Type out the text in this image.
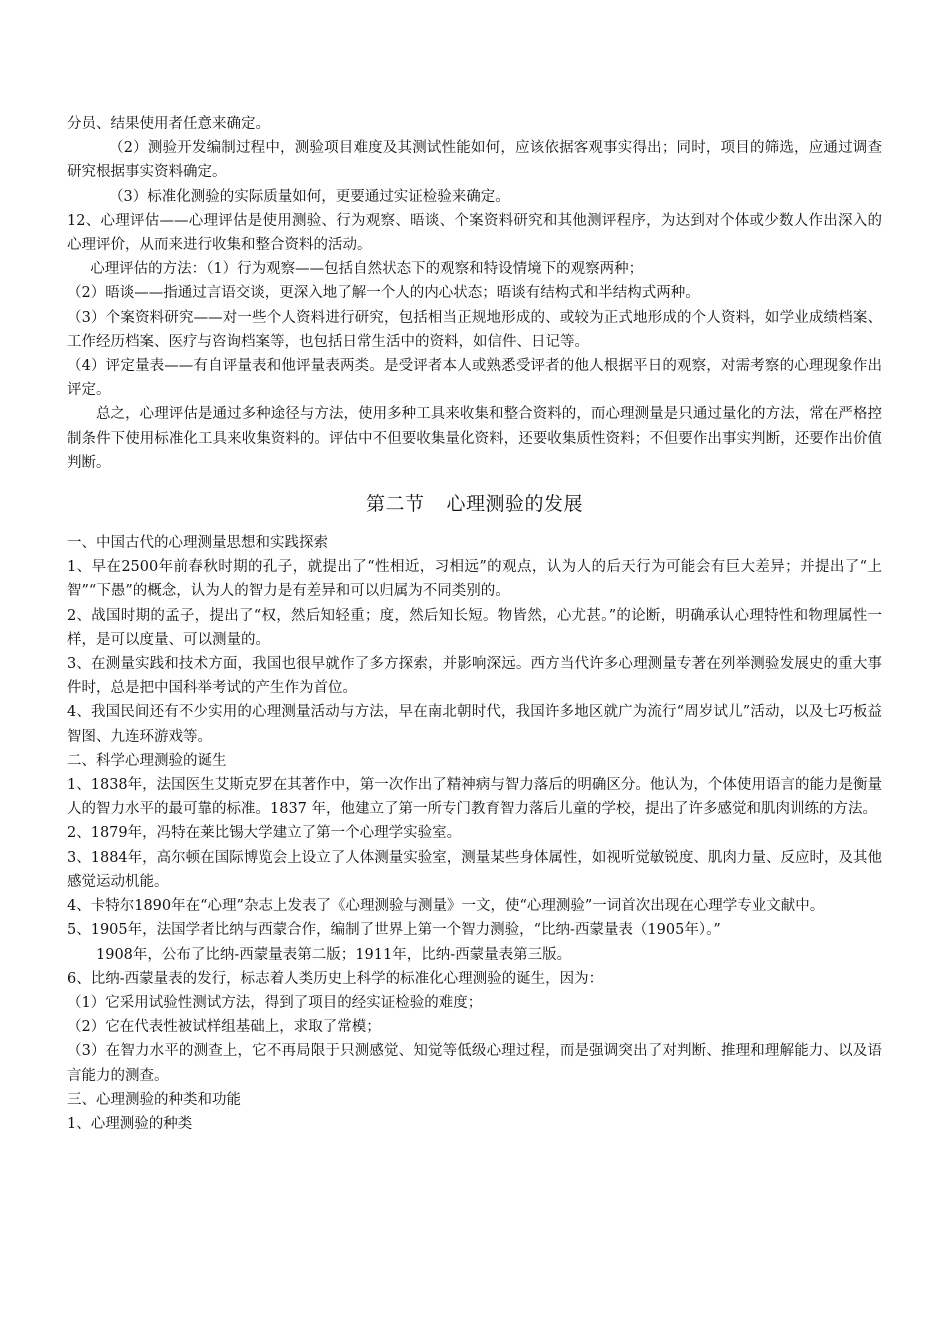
分员、结果使用者任意来确定。

（2）测验开发编制过程中，测验项目难度及其测试性能如何，应该依据客观事实得出；同时，项目的筛选，应通过调查研究根据事实资料确定。

（3）标准化测验的实际质量如何，更要通过实证检验来确定。

12、心理评估——心理评估是使用测验、行为观察、晤谈、个案资料研究和其他测评程序，为达到对个体或少数人作出深入的心理评价，从而来进行收集和整合资料的活动。

心理评估的方法：（1）行为观察——包括自然状态下的观察和特设情境下的观察两种；

（2）晤谈——指通过言语交谈，更深入地了解一个人的内心状态；晤谈有结构式和半结构式两种。

（3）个案资料研究——对一些个人资料进行研究，包括相当正规地形成的、或较为正式地形成的个人资料，如学业成绩档案、工作经历档案、医疗与咨询档案等，也包括日常生活中的资料，如信件、日记等。

（4）评定量表——有自评量表和他评量表两类。是受评者本人或熟悉受评者的他人根据平日的观察，对需考察的心理现象作出评定。

总之，心理评估是通过多种途径与方法，使用多种工具来收集和整合资料的，而心理测量是只通过量化的方法，常在严格控制条件下使用标准化工具来收集资料的。评估中不但要收集量化资料，还要收集质性资料；不但要作出事实判断，还要作出价值判断。

第二节 心理测验的发展

一、中国古代的心理测量思想和实践探索

1、早在2500年前春秋时期的孔子，就提出了“性相近，习相远”的观点，认为人的后天行为可能会有巨大差异；并提出了“上智”“下愚”的概念，认为人的智力是有差异和可以归属为不同类别的。

2、战国时期的孟子，提出了“权，然后知轻重；度，然后知长短。物皆然，心尤甚。”的论断，明确承认心理特性和物理属性一样，是可以度量、可以测量的。

3、在测量实践和技术方面，我国也很早就作了多方探索，并影响深远。西方当代许多心理测量专著在列举测验发展史的重大事件时，总是把中国科举考试的产生作为首位。

4、我国民间还有不少实用的心理测量活动与方法，早在南北朝时代，我国许多地区就广为流行“周岁试儿”活动，以及七巧板益智图、九连环游戏等。

二、科学心理测验的诞生

1、1838年，法国医生艾斯克罗在其著作中，第一次作出了精神病与智力落后的明确区分。他认为，个体使用语言的能力是衡量人的智力水平的最可靠的标准。1837 年，他建立了第一所专门教育智力落后儿童的学校，提出了许多感觉和肌肉训练的方法。

2、1879年，冯特在莱比锡大学建立了第一个心理学实验室。

3、1884年，高尔顿在国际博览会上设立了人体测量实验室，测量某些身体属性，如视听觉敏锐度、肌肉力量、反应时，及其他感觉运动机能。

4、卡特尔1890年在“心理”杂志上发表了《心理测验与测量》一文，使“心理测验”一词首次出现在心理学专业文献中。

5、1905年，法国学者比纳与西蒙合作，编制了世界上第一个智力测验，“比纳-西蒙量表（1905年）。”

1908年，公布了比纳-西蒙量表第二版；1911年，比纳-西蒙量表第三版。

6、比纳-西蒙量表的发行，标志着人类历史上科学的标准化心理测验的诞生，因为：

（1）它采用试验性测试方法，得到了项目的经实证检验的难度；

（2）它在代表性被试样组基础上，求取了常模；

（3）在智力水平的测查上，它不再局限于只测感觉、知觉等低级心理过程，而是强调突出了对判断、推理和理解能力、以及语言能力的测查。

三、心理测验的种类和功能

1、心理测验的种类
